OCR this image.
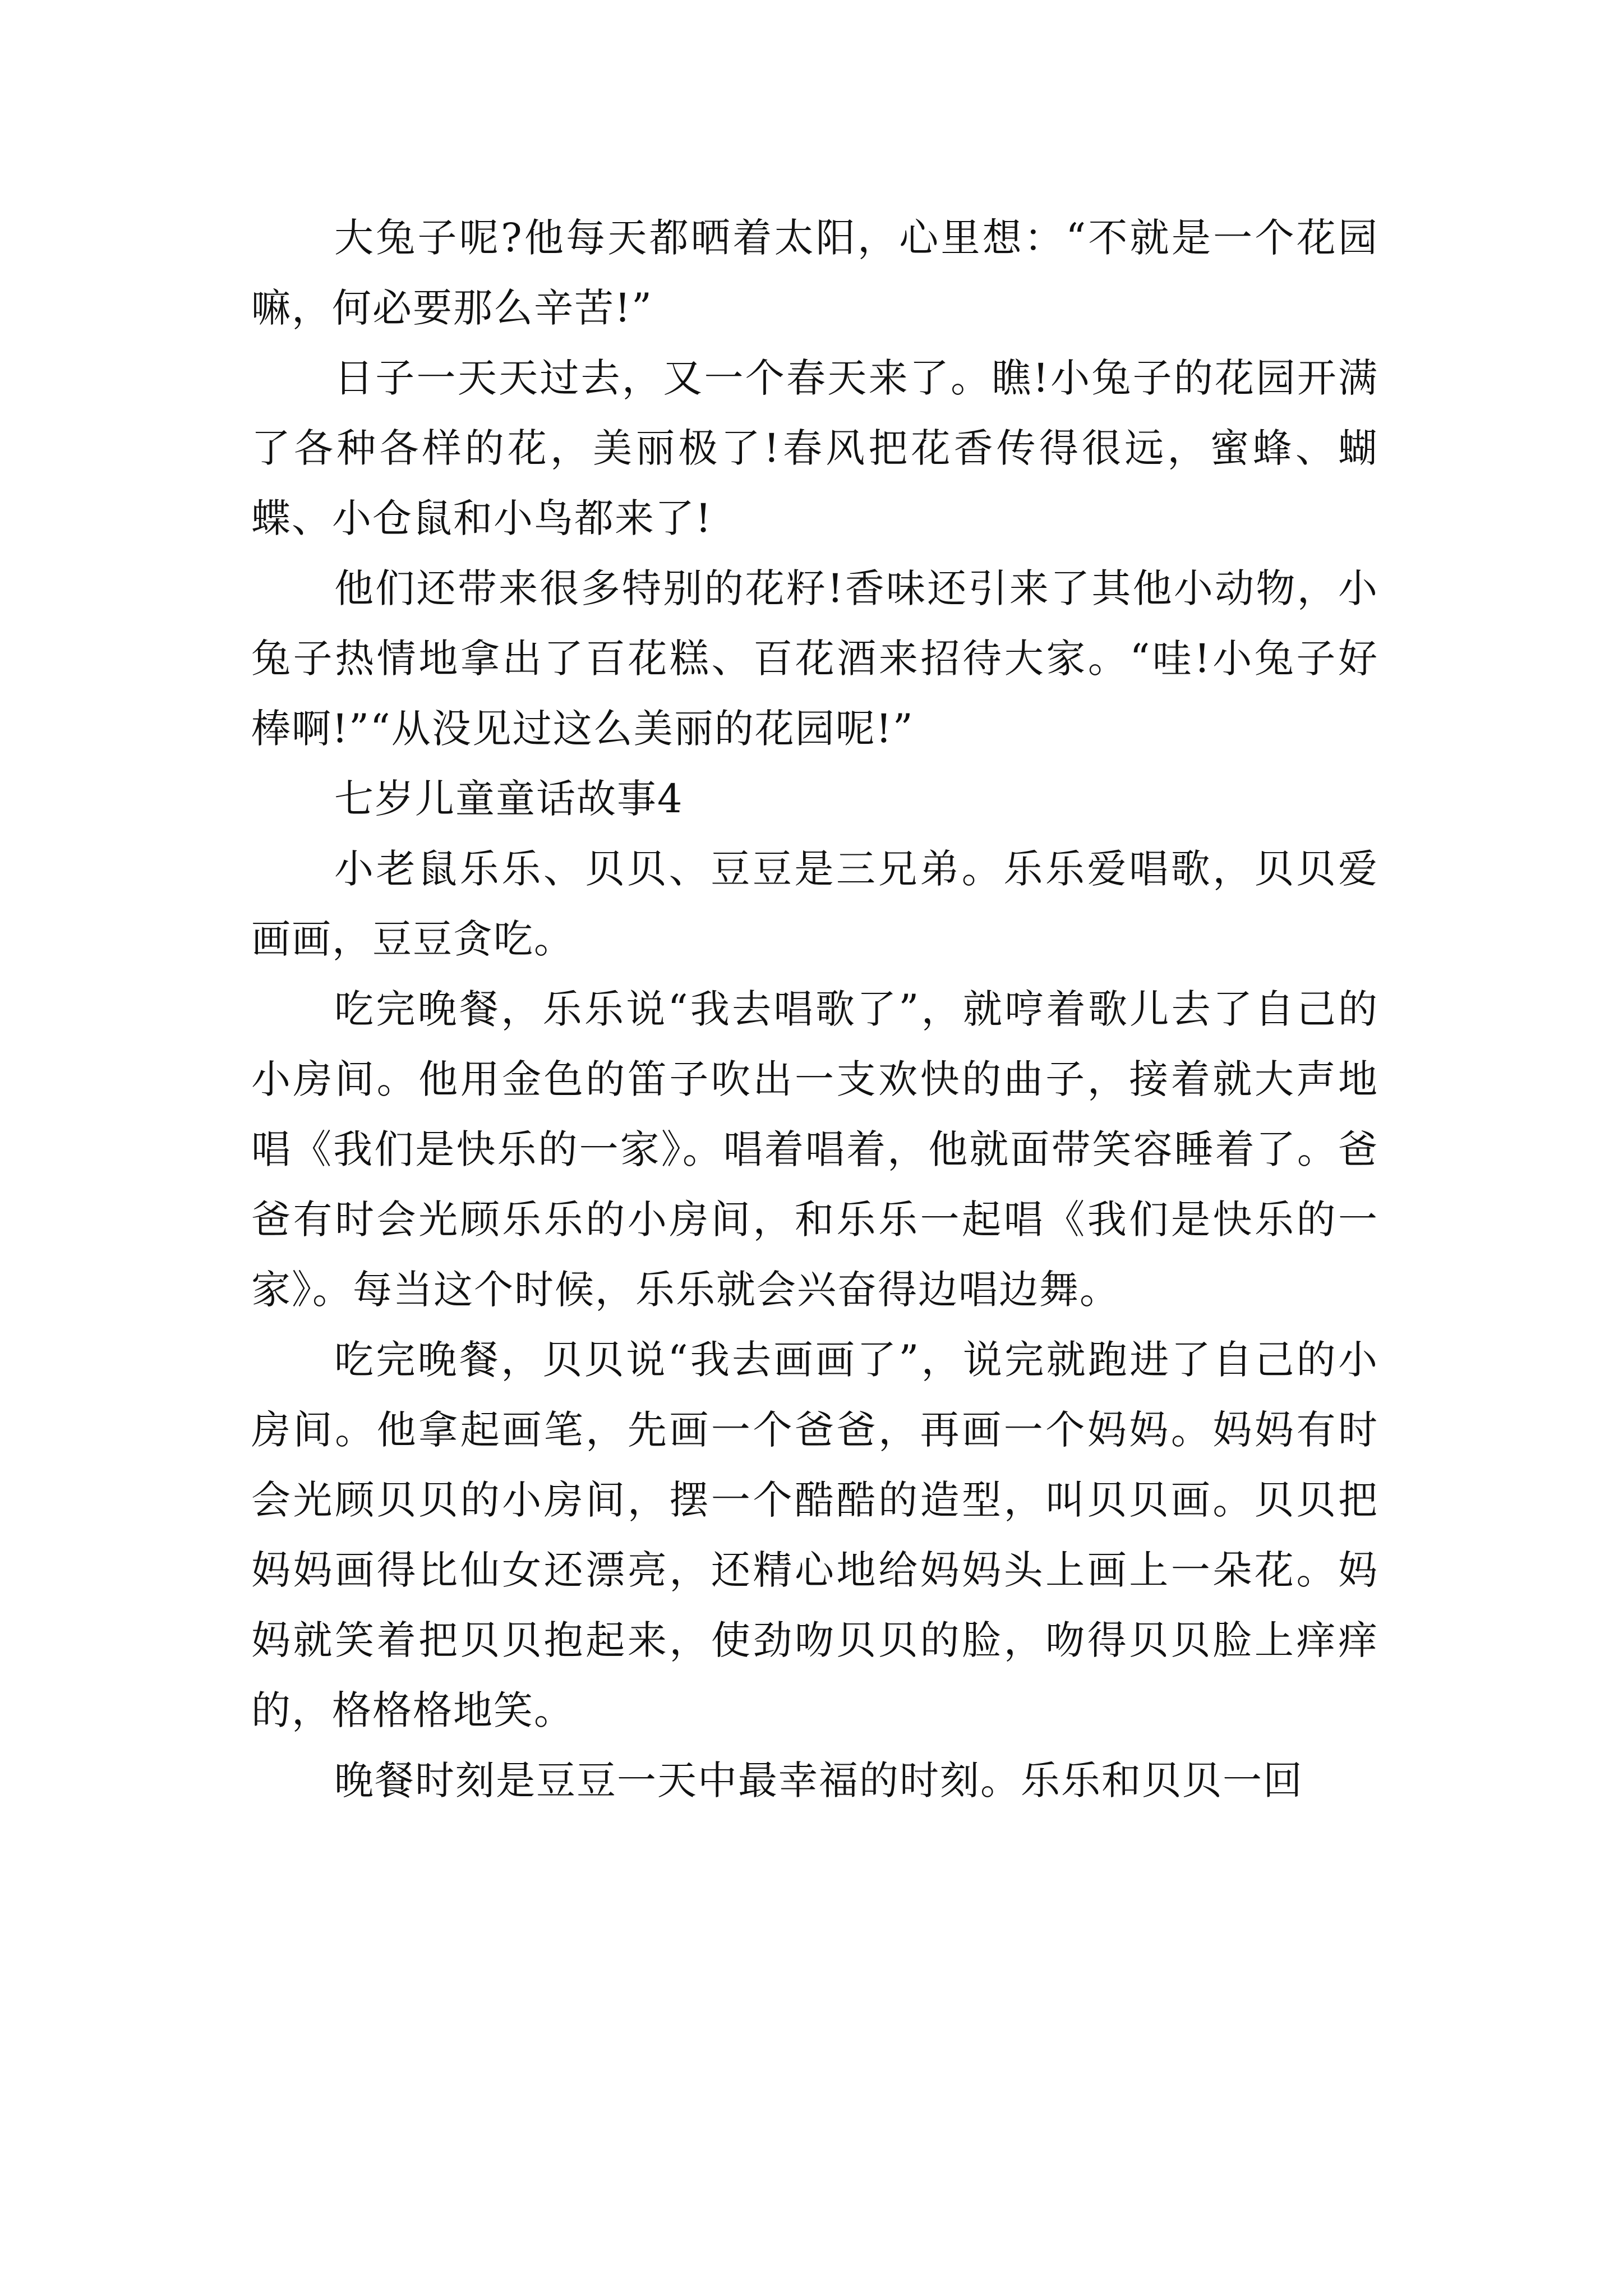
大兔子呢?他每天都晒着太阳，心里想：“不就是一个花园嘛，何必要那么辛苦!”

日子一天天过去，又一个春天来了。瞧!小兔子的花园开满了各种各样的花，美丽极了!春风把花香传得很远，蜜蜂、蝴蝶、小仓鼠和小鸟都来了!

他们还带来很多特别的花籽!香味还引来了其他小动物，小兔子热情地拿出了百花糕、百花酒来招待大家。“哇!小兔子好棒啊!”“从没见过这么美丽的花园呢!”

七岁儿童童话故事4

小老鼠乐乐、贝贝、豆豆是三兄弟。乐乐爱唱歌，贝贝爱画画，豆豆贪吃。

吃完晚餐，乐乐说“我去唱歌了”，就哼着歌儿去了自己的小房间。他用金色的笛子吹出一支欢快的曲子，接着就大声地唱《我们是快乐的一家》。唱着唱着，他就面带笑容睡着了。爸爸有时会光顾乐乐的小房间，和乐乐一起唱《我们是快乐的一家》。每当这个时候，乐乐就会兴奋得边唱边舞。

吃完晚餐，贝贝说“我去画画了”，说完就跑进了自己的小房间。他拿起画笔，先画一个爸爸，再画一个妈妈。妈妈有时会光顾贝贝的小房间，摆一个酷酷的造型，叫贝贝画。贝贝把妈妈画得比仙女还漂亮，还精心地给妈妈头上画上一朵花。妈妈就笑着把贝贝抱起来，使劲吻贝贝的脸，吻得贝贝脸上痒痒的，格格格地笑。

晚餐时刻是豆豆一天中最幸福的时刻。乐乐和贝贝一回
